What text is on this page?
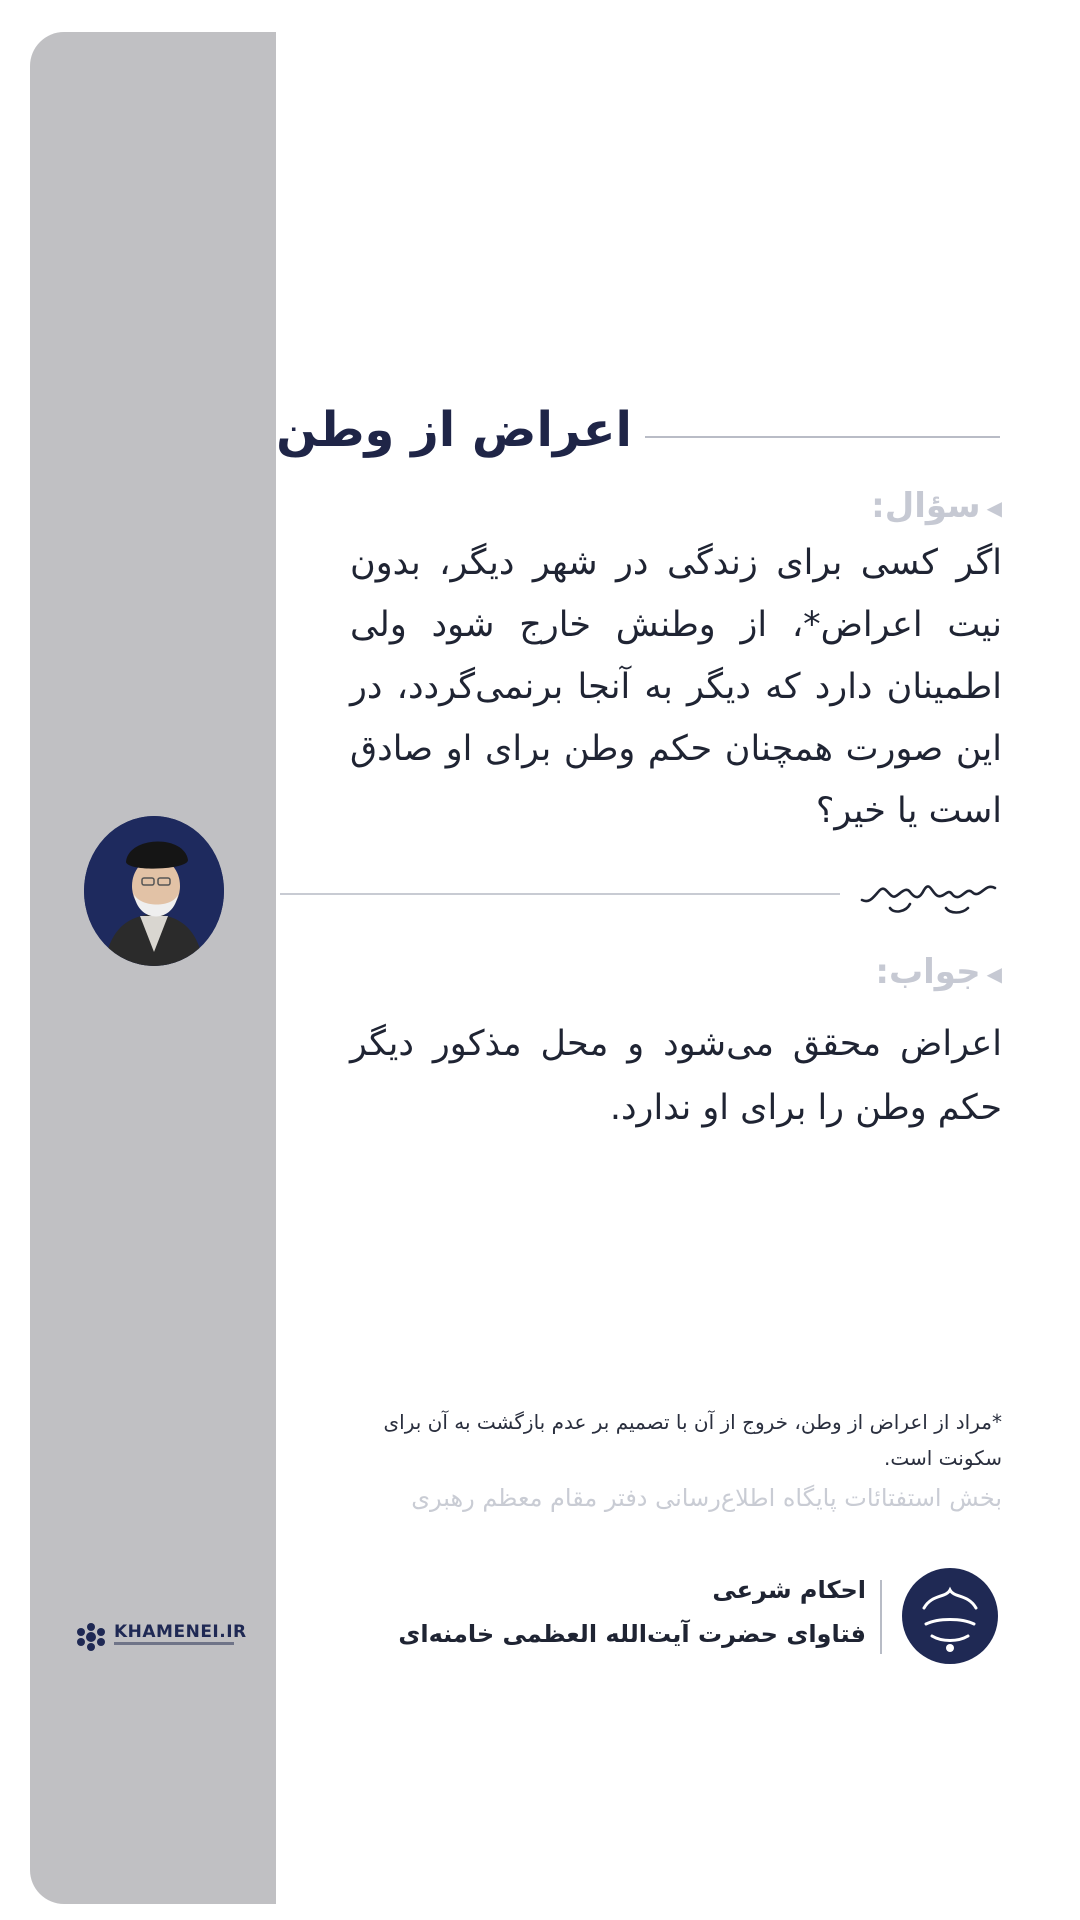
اعراض از وطن
◀سؤال:
اگر کسی برای زندگی در شهر دیگر، بدون نیت اعراض*، از وطنش خارج شود ولی اطمینان دارد که دیگر به آنجا برنمی‌گردد، در این صورت همچنان حکم وطن برای او صادق است یا خیر؟
◀جواب:
اعراض محقق می‌شود و محل مذکور دیگر حکم وطن را برای او ندارد.
*مراد از اعراض از وطن، خروج از آن با تصمیم بر عدم بازگشت به آن برای سکونت است.
بخش استفتائات پایگاه اطلاع‌رسانی دفتر مقام معظم رهبری
احکام شرعی
فتاوای حضرت آیت‌الله العظمی خامنه‌ای
KHAMENEI.IR
